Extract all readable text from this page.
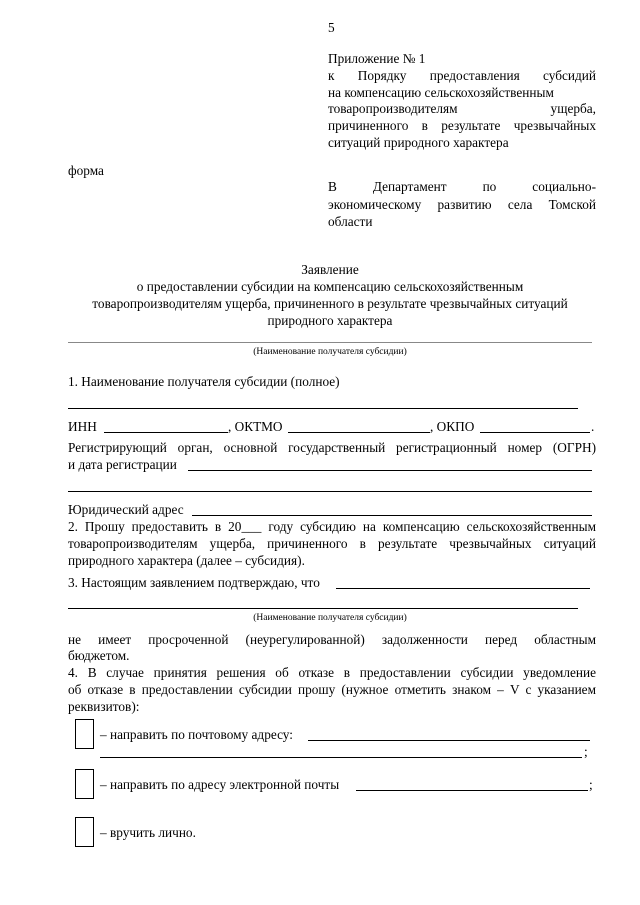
5

Приложение № 1

к Порядку предоставления субсидий

на компенсацию сельскохозяйственным

товаропроизводителям ущерба,

причиненного в результате чрезвычайных

ситуаций природного характера

форма

В Департамент по социально-

экономическому развитию села Томской

области

Заявление

о предоставлении субсидии на компенсацию сельскохозяйственным

товаропроизводителям ущерба, причиненного в результате чрезвычайных ситуаций

природного характера

(Наименование получателя субсидии)
1. Наименование получателя субсидии (полное)
ИНН	, ОКТМО	, ОКПО	.
Регистрирующий орган, основной государственный регистрационный номер (ОГРН)
и дата регистрации
Юридический адрес

2. Прошу предоставить в 20___ году субсидию на компенсацию сельскохозяйственным

товаропроизводителям ущерба, причиненного в результате чрезвычайных ситуаций

природного характера (далее – субсидия).

3. Настоящим заявлением подтверждаю, что
(Наименование получателя субсидии)

не имеет просроченной (неурегулированной) задолженности перед областным

бюджетом.

4. В случае принятия решения об отказе в предоставлении субсидии уведомление

об отказе в предоставлении субсидии прошу (нужное отметить знаком – V с указанием

реквизитов):

– направить по почтовому адресу:
;
– направить по адресу электронной почты	;
– вручить лично.
